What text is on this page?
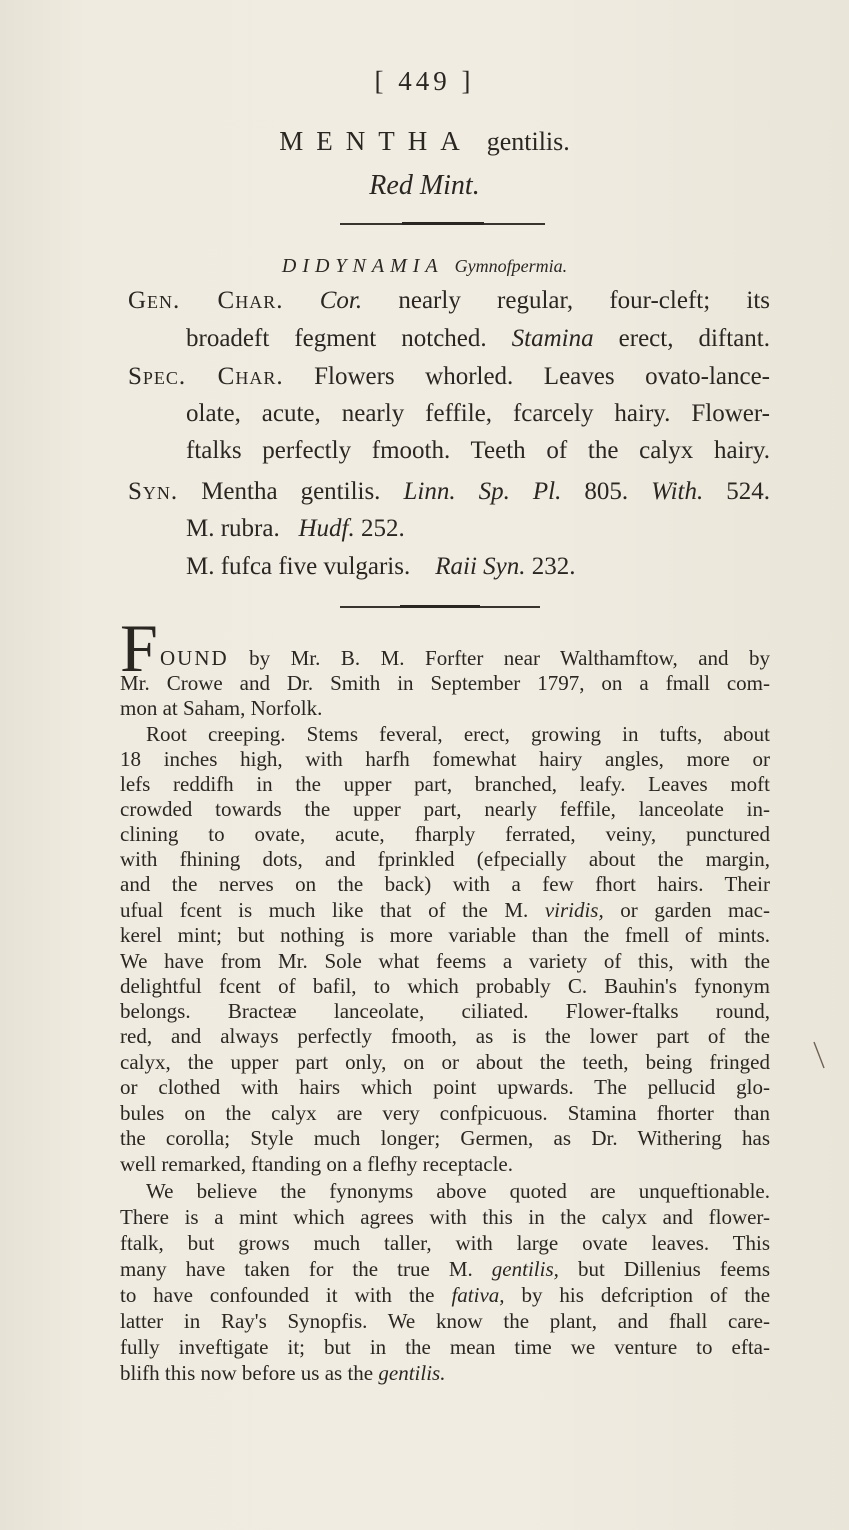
[ 449 ]
MENTHA gentilis.
Red Mint.
DIDYNAMIA Gymnofpermia.
Gen. Char. Cor. nearly regular, four-cleft; its
broadeft fegment notched. Stamina erect, diftant.
Spec. Char. Flowers whorled. Leaves ovato-lance-
olate, acute, nearly feffile, fcarcely hairy. Flower-
ftalks perfectly fmooth. Teeth of the calyx hairy.
Syn. Mentha gentilis. Linn. Sp. Pl. 805. With. 524.
M. rubra. Hudf. 252.
M. fufca five vulgaris. Raii Syn. 232.
F OUND by Mr. B. M. Forfter near Walthamftow, and by
Mr. Crowe and Dr. Smith in September 1797, on a fmall com-
mon at Saham, Norfolk.
Root creeping. Stems feveral, erect, growing in tufts, about
18 inches high, with harfh fomewhat hairy angles, more or
lefs reddifh in the upper part, branched, leafy. Leaves moft
crowded towards the upper part, nearly feffile, lanceolate in-
clining to ovate, acute, fharply ferrated, veiny, punctured
with fhining dots, and fprinkled (efpecially about the margin,
and the nerves on the back) with a few fhort hairs. Their
ufual fcent is much like that of the M. viridis, or garden mac-
kerel mint; but nothing is more variable than the fmell of mints.
We have from Mr. Sole what feems a variety of this, with the
delightful fcent of bafil, to which probably C. Bauhin's fynonym
belongs. Bracteæ lanceolate, ciliated. Flower-ftalks round,
red, and always perfectly fmooth, as is the lower part of the
calyx, the upper part only, on or about the teeth, being fringed
or clothed with hairs which point upwards. The pellucid glo-
bules on the calyx are very confpicuous. Stamina fhorter than
the corolla; Style much longer; Germen, as Dr. Withering has
well remarked, ftanding on a flefhy receptacle.
We believe the fynonyms above quoted are unqueftionable.
There is a mint which agrees with this in the calyx and flower-
ftalk, but grows much taller, with large ovate leaves. This
many have taken for the true M. gentilis, but Dillenius feems
to have confounded it with the fativa, by his defcription of the
latter in Ray's Synopfis. We know the plant, and fhall care-
fully inveftigate it; but in the mean time we venture to efta-
blifh this now before us as the gentilis.
